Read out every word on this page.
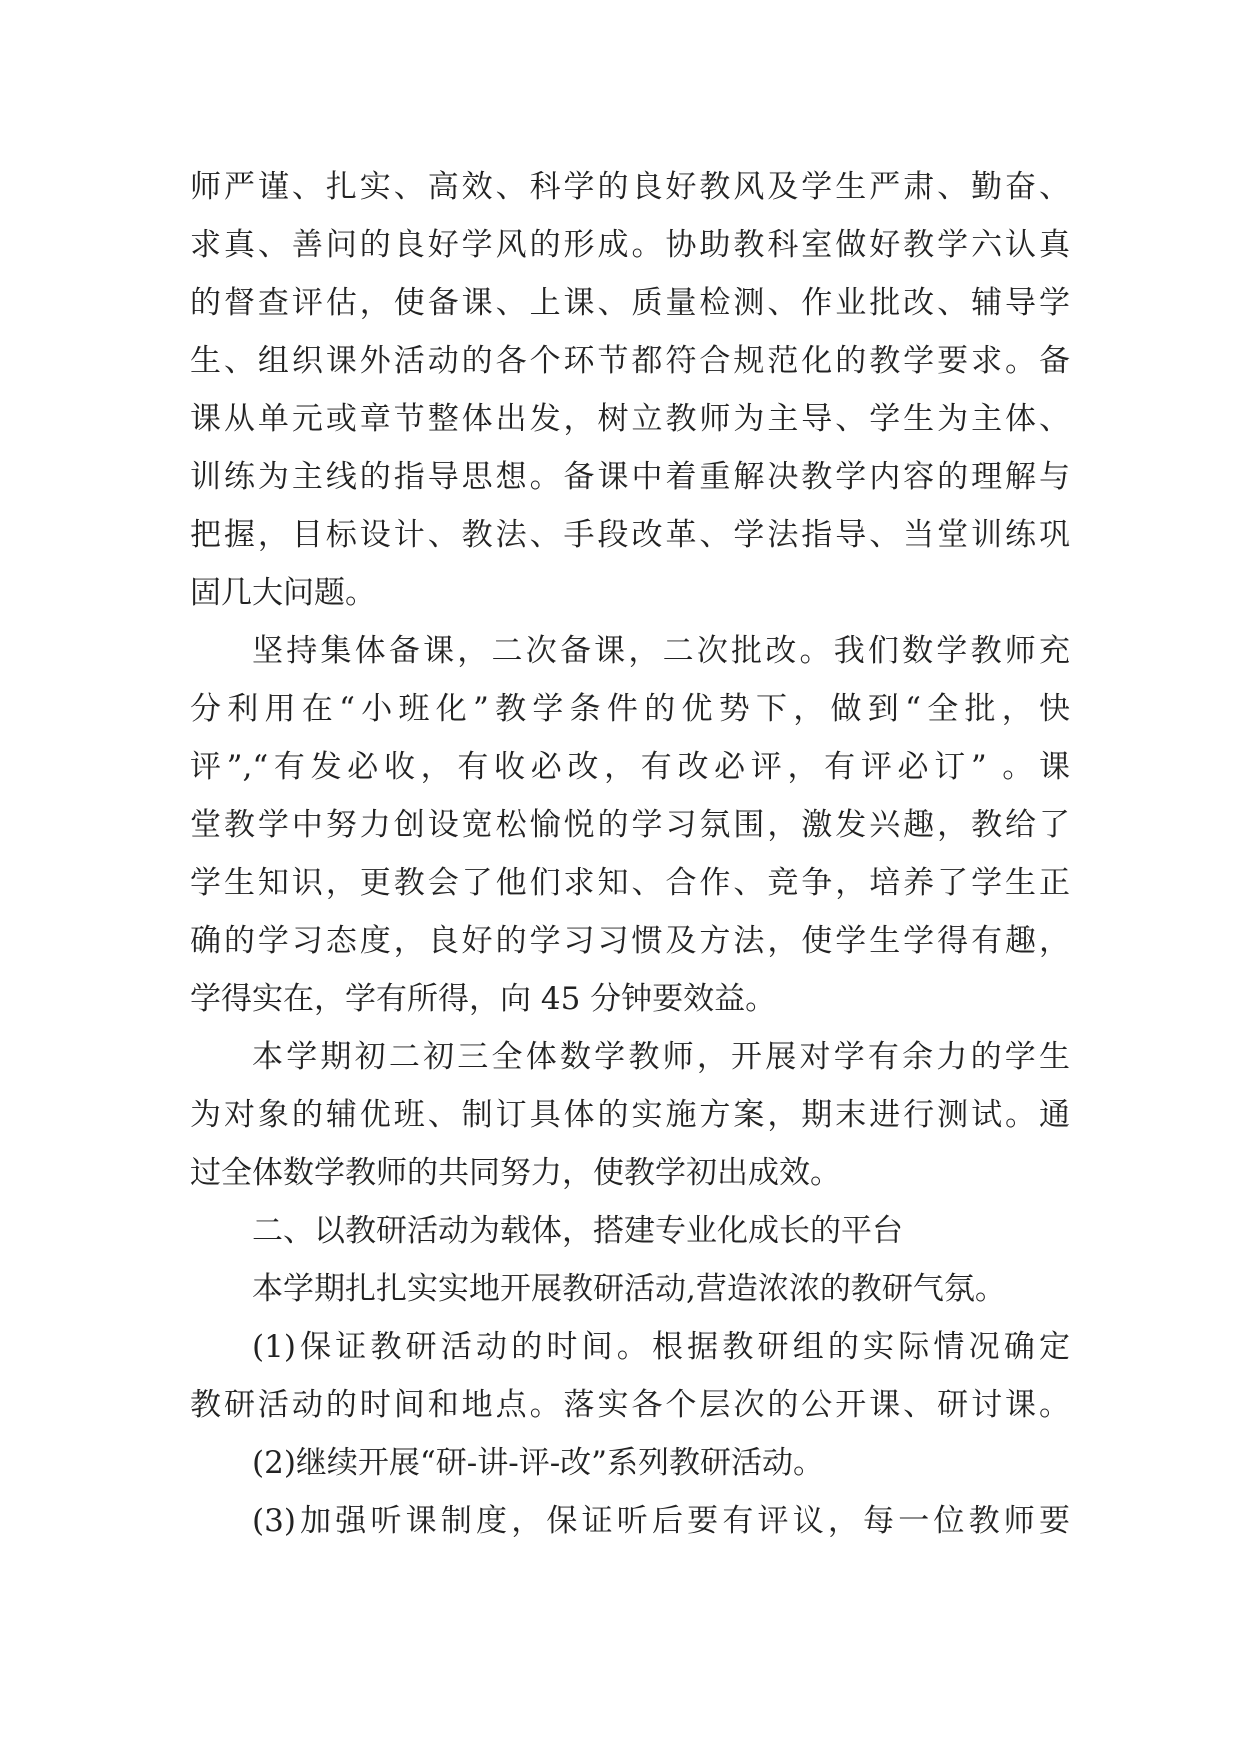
师严谨、扎实、高效、科学的良好教风及学生严肃、勤奋、
求真、善问的良好学风的形成。协助教科室做好教学六认真
的督查评估，使备课、上课、质量检测、作业批改、辅导学
生、组织课外活动的各个环节都符合规范化的教学要求。备
课从单元或章节整体出发，树立教师为主导、学生为主体、
训练为主线的指导思想。备课中着重解决教学内容的理解与
把握，目标设计、教法、手段改革、学法指导、当堂训练巩
固几大问题。
坚持集体备课，二次备课，二次批改。我们数学教师充
分利用在“小班化”教学条件的优势下，做到“全批，快
评”,“有发必收，有收必改，有改必评，有评必订” 。课
堂教学中努力创设宽松愉悦的学习氛围，激发兴趣，教给了
学生知识，更教会了他们求知、合作、竞争，培养了学生正
确的学习态度，良好的学习习惯及方法，使学生学得有趣，
学得实在，学有所得，向 45 分钟要效益。
本学期初二初三全体数学教师，开展对学有余力的学生
为对象的辅优班、制订具体的实施方案，期末进行测试。通
过全体数学教师的共同努力，使教学初出成效。
二、以教研活动为载体，搭建专业化成长的平台
本学期扎扎实实地开展教研活动,营造浓浓的教研气氛。
(1)保证教研活动的时间。根据教研组的实际情况确定
教研活动的时间和地点。落实各个层次的公开课、研讨课。
(2)继续开展“研-讲-评-改”系列教研活动。
(3)加强听课制度，保证听后要有评议，每一位教师要
